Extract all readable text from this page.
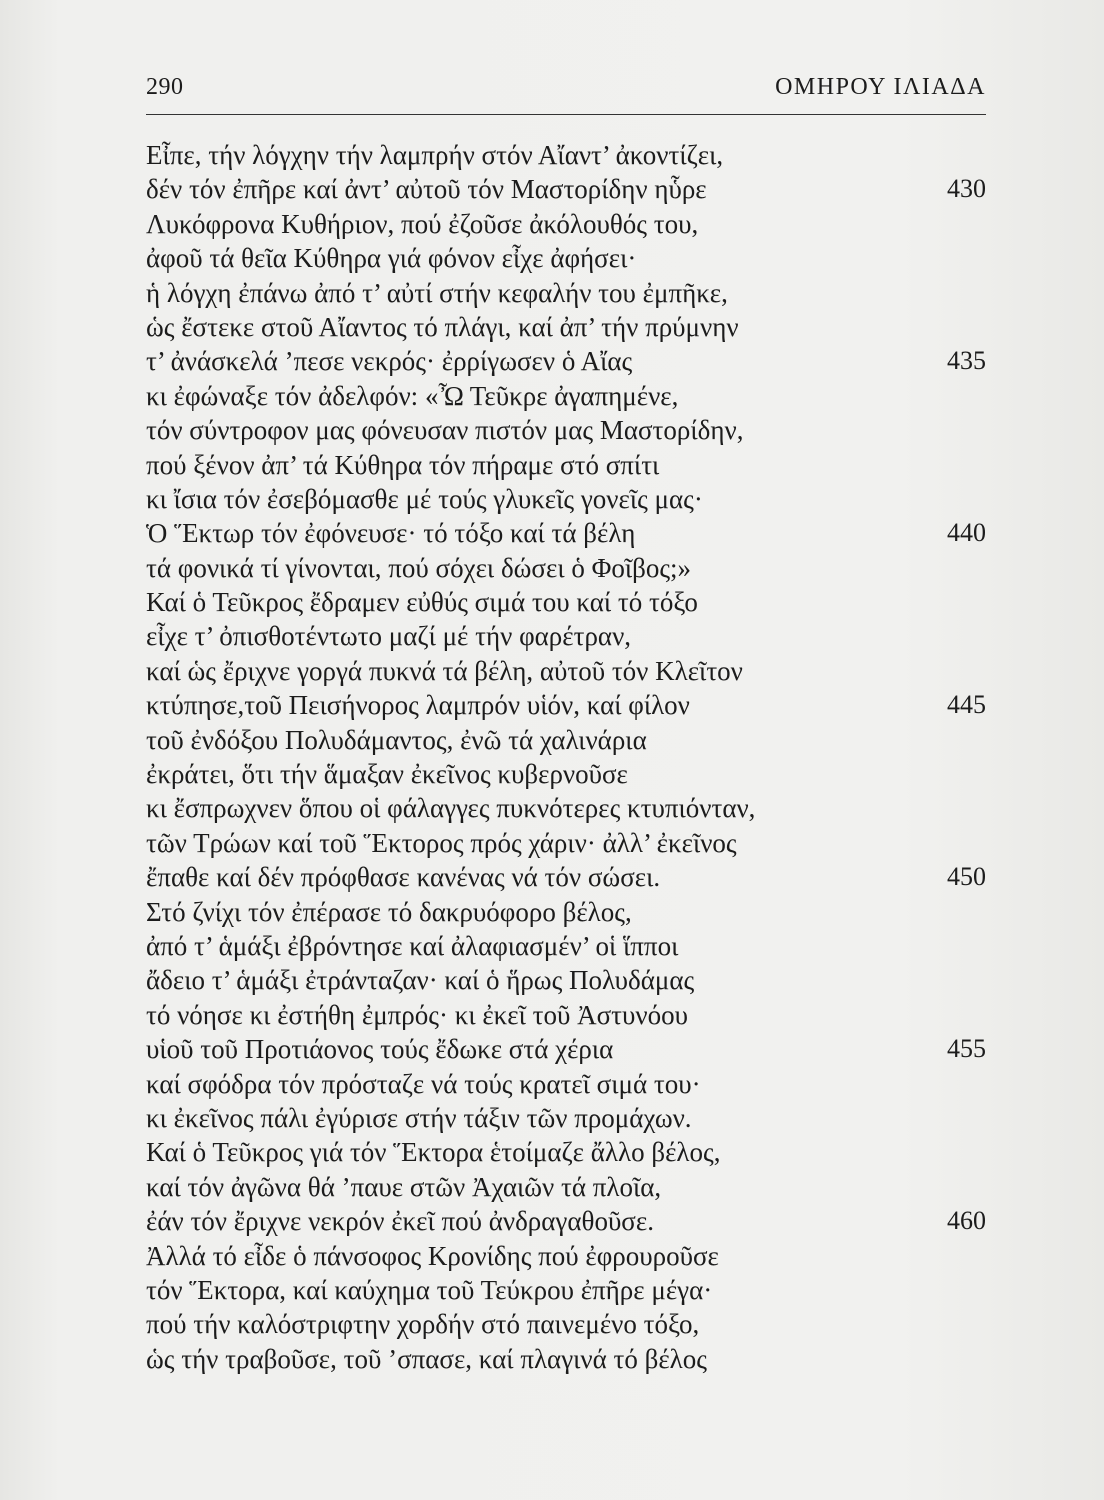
290	ΟΜΗΡΟΥ ΙΛΙΑΔΑ
Εἶπε, τήν λόγχην τήν λαμπρήν στόν Αἴαντ’ ἀκοντίζει,
δέν τόν ἐπῆρε καί ἀντ’ αὐτοῦ τόν Μαστορίδην ηὗρε	430
Λυκόφρονα Κυθήριον, πού ἐζοῦσε ἀκόλουθός του,
ἀφοῦ τά θεῖα Κύθηρα γιά φόνον εἶχε ἀφήσει·
ἡ λόγχη ἐπάνω ἀπό τ’ αὐτί στήν κεφαλήν του ἐμπῆκε,
ὡς ἔστεκε στοῦ Αἴαντος τό πλάγι, καί ἀπ’ τήν πρύμνην
τ’ ἀνάσκελά ’πεσε νεκρός· ἐρρίγωσεν ὁ Αἴας	435
κι ἐφώναξε τόν ἀδελφόν: «Ὦ Τεῦκρε ἀγαπημένε,
τόν σύντροφον μας φόνευσαν πιστόν μας Μαστορίδην,
πού ξένον ἀπ’ τά Κύθηρα τόν πήραμε στό σπίτι
κι ἴσια τόν ἐσεβόμασθε μέ τούς γλυκεῖς γονεῖς μας·
Ὁ Ἕκτωρ τόν ἐφόνευσε· τό τόξο καί τά βέλη	440
τά φονικά τί γίνονται, πού σόχει δώσει ὁ Φοῖβος;»
Καί ὁ Τεῦκρος ἔδραμεν εὐθύς σιμά του καί τό τόξο
εἶχε τ’ ὀπισθοτέντωτο μαζί μέ τήν φαρέτραν,
καί ὡς ἔριχνε γοργά πυκνά τά βέλη, αὐτοῦ τόν Κλεῖτον
κτύπησε,τοῦ Πεισήνορος λαμπρόν υἱόν, καί φίλον	445
τοῦ ἐνδόξου Πολυδάμαντος, ἐνῶ τά χαλινάρια
ἐκράτει, ὅτι τήν ἅμαξαν ἐκεῖνος κυβερνοῦσε
κι ἔσπρωχνεν ὅπου οἱ φάλαγγες πυκνότερες κτυπιόνταν,
τῶν Τρώων καί τοῦ Ἕκτορος πρός χάριν· ἀλλ’ ἐκεῖνος
ἔπαθε καί δέν πρόφθασε κανένας νά τόν σώσει.	450
Στό ζνίχι τόν ἐπέρασε τό δακρυόφορο βέλος,
ἀπό τ’ ἁμάξι ἐβρόντησε καί ἀλαφιασμέν’ οἱ ἵπποι
ἄδειο τ’ ἁμάξι ἐτράνταζαν· καί ὁ ἥρως Πολυδάμας
τό νόησε κι ἐστήθη ἐμπρός· κι ἐκεῖ τοῦ Ἀστυνόου
υἱοῦ τοῦ Προτιάονος τούς ἔδωκε στά χέρια	455
καί σφόδρα τόν πρόσταζε νά τούς κρατεῖ σιμά του·
κι ἐκεῖνος πάλι ἐγύρισε στήν τάξιν τῶν προμάχων.
Καί ὁ Τεῦκρος γιά τόν Ἕκτορα ἑτοίμαζε ἄλλο βέλος,
καί τόν ἀγῶνα θά ’παυε στῶν Ἀχαιῶν τά πλοῖα,
ἐάν τόν ἔριχνε νεκρόν ἐκεῖ πού ἀνδραγαθοῦσε.	460
Ἀλλά τό εἶδε ὁ πάνσοφος Κρονίδης πού ἐφρουροῦσε
τόν Ἕκτορα, καί καύχημα τοῦ Τεύκρου ἐπῆρε μέγα·
πού τήν καλόστριφτην χορδήν στό παινεμένο τόξο,
ὡς τήν τραβοῦσε, τοῦ ’σπασε, καί πλαγινά τό βέλος
